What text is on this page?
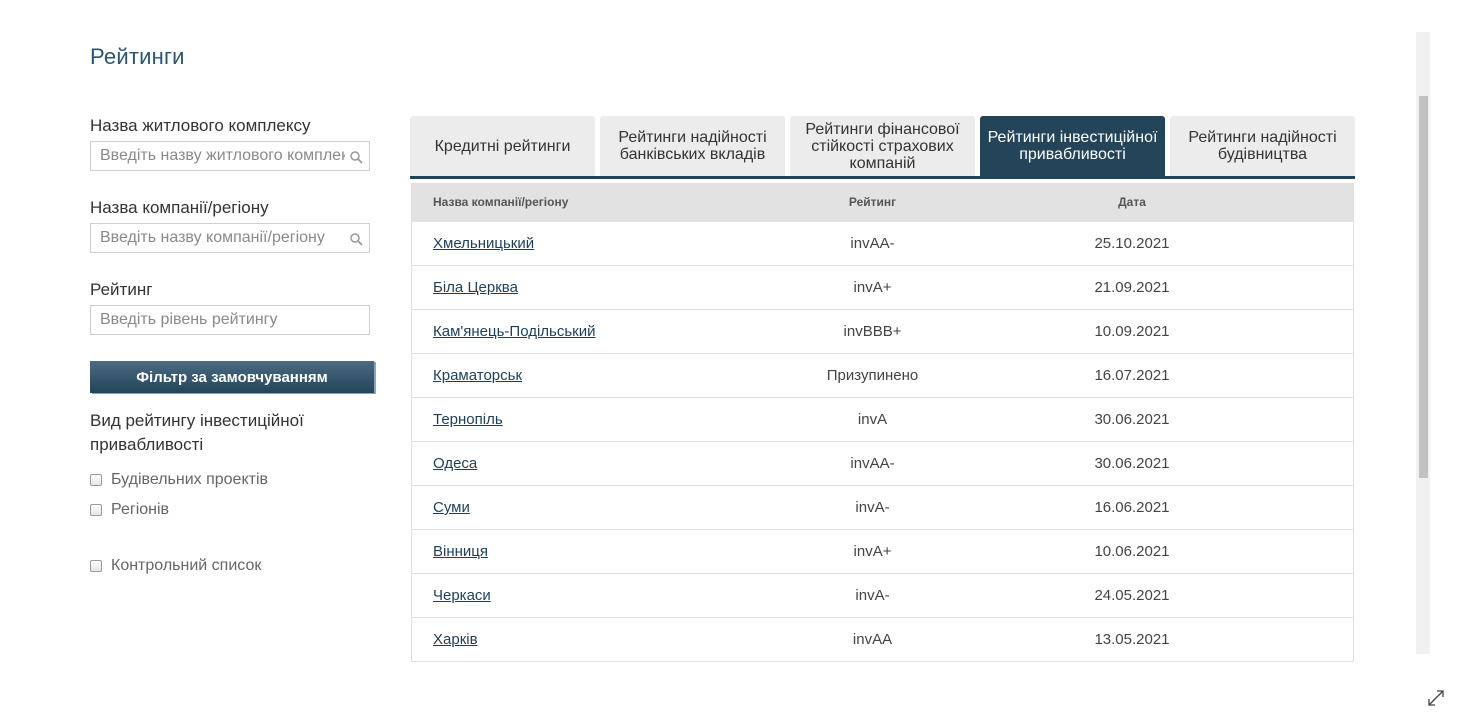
Рейтинги

Назва житлового комплексу

Введіть назву житлового комплексу

Назва компанії/регіону

Введіть назву компанії/регіону

Рейтинг

Введіть рівень рейтингу
Фільтр за замовчуванням
Вид рейтингу інвестиційної привабливості
Будівельних проектів
Регіонів
Контрольний список
Кредитні рейтинги	Рейтинги надійності банківських вкладів
Рейтинги фінансової стійкості страхових компаній
Рейтинги інвестиційної привабливості
Рейтинги надійності будівництва
Назва компанії/регіону	Рейтинг	Дата	
Хмельницький	invAA-	25.10.2021	
Біла Церква	invA+	21.09.2021	
Кам'янець-Подільський	invBBB+	10.09.2021	
Краматорськ	Призупинено	16.07.2021	
Тернопіль	invA	30.06.2021	
Одеса	invAA-	30.06.2021	
Суми	invA-	16.06.2021	
Вінниця	invA+	10.06.2021	
Черкаси	invA-	24.05.2021	
Харків	invAA	13.05.2021	
